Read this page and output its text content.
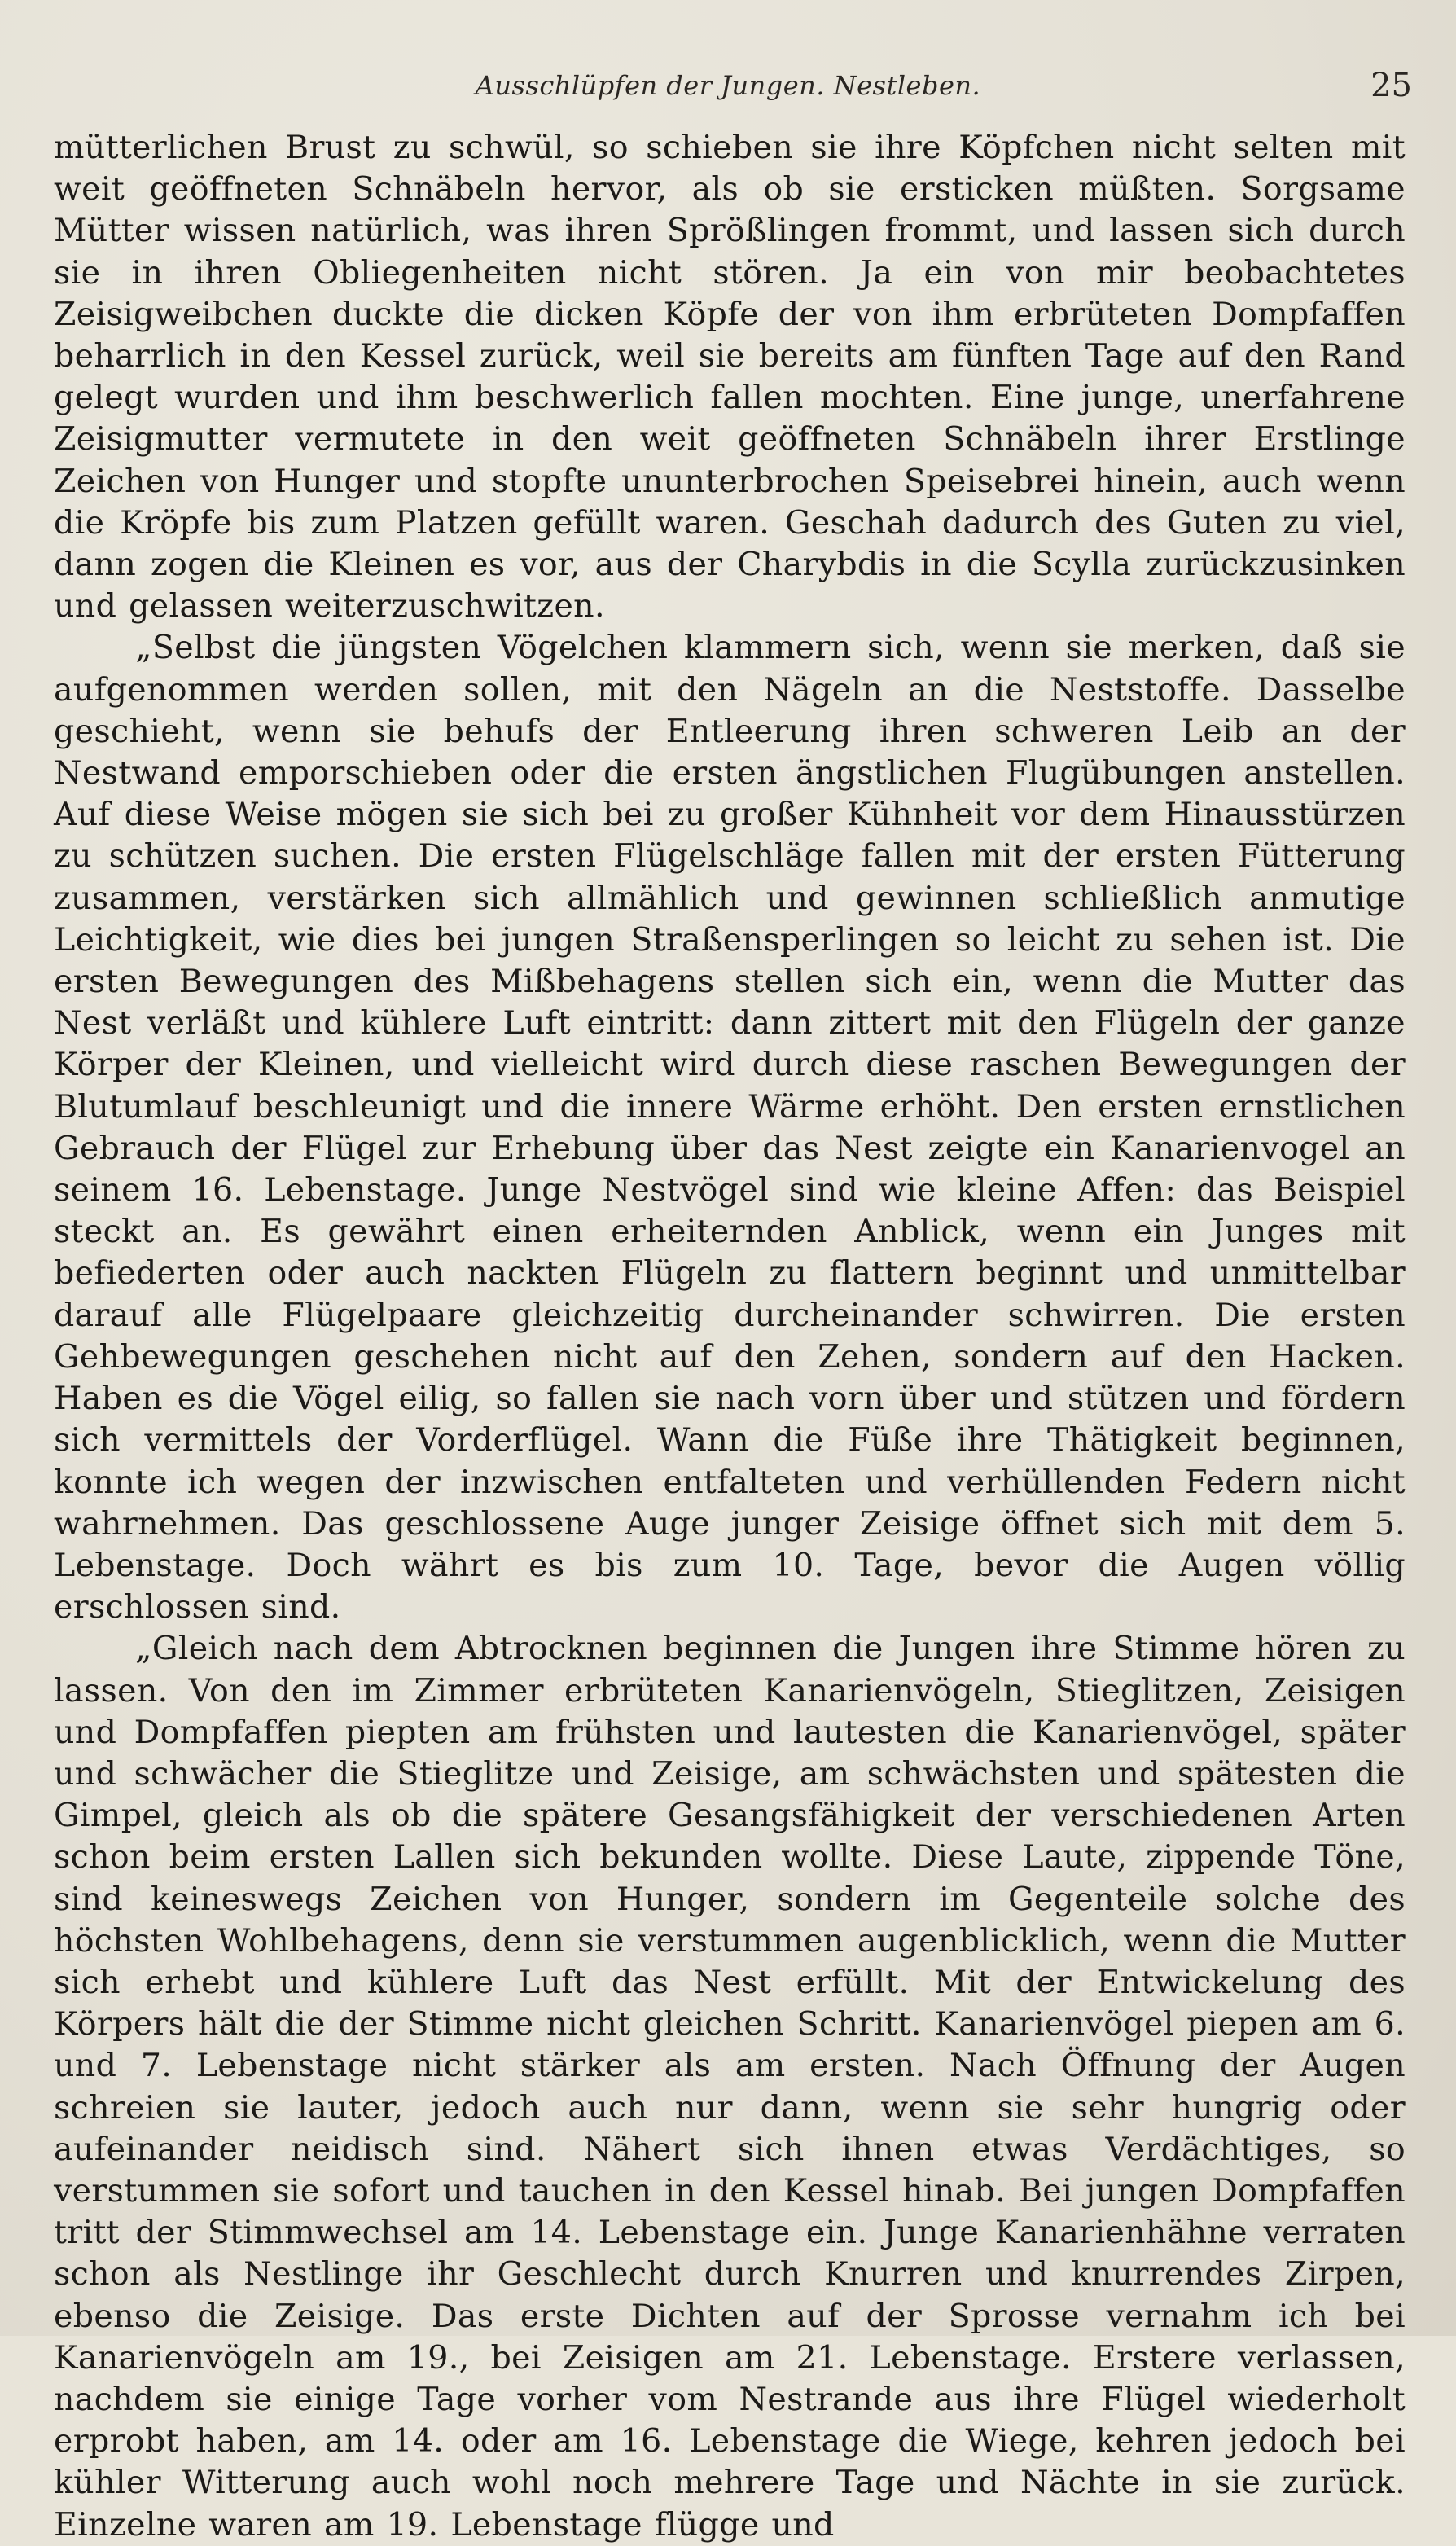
Ausschlüpfen der Jungen. Nestleben.	25

mütterlichen Brust zu schwül, so schieben sie ihre Köpfchen nicht selten mit weit geöffneten Schnäbeln hervor, als ob sie ersticken müßten. Sorgsame Mütter wissen natürlich, was ihren Sprößlingen frommt, und lassen sich durch sie in ihren Obliegenheiten nicht stören. Ja ein von mir beobachtetes Zeisigweibchen duckte die dicken Köpfe der von ihm erbrüteten Dompfaffen beharrlich in den Kessel zurück, weil sie bereits am fünften Tage auf den Rand gelegt wurden und ihm beschwerlich fallen mochten. Eine junge, unerfahrene Zeisigmutter vermutete in den weit geöffneten Schnäbeln ihrer Erstlinge Zeichen von Hunger und stopfte ununterbrochen Speisebrei hinein, auch wenn die Kröpfe bis zum Platzen gefüllt waren. Geschah dadurch des Guten zu viel, dann zogen die Kleinen es vor, aus der Charybdis in die Scylla zurückzusinken und gelassen weiterzuschwitzen.

„Selbst die jüngsten Vögelchen klammern sich, wenn sie merken, daß sie aufgenommen werden sollen, mit den Nägeln an die Neststoffe. Dasselbe geschieht, wenn sie behufs der Entleerung ihren schweren Leib an der Nestwand emporschieben oder die ersten ängstlichen Flugübungen anstellen. Auf diese Weise mögen sie sich bei zu großer Kühnheit vor dem Hinausstürzen zu schützen suchen. Die ersten Flügelschläge fallen mit der ersten Fütterung zusammen, verstärken sich allmählich und gewinnen schließlich anmutige Leichtigkeit, wie dies bei jungen Straßensperlingen so leicht zu sehen ist. Die ersten Bewegungen des Mißbehagens stellen sich ein, wenn die Mutter das Nest verläßt und kühlere Luft eintritt: dann zittert mit den Flügeln der ganze Körper der Kleinen, und vielleicht wird durch diese raschen Bewegungen der Blutumlauf beschleunigt und die innere Wärme erhöht. Den ersten ernstlichen Gebrauch der Flügel zur Erhebung über das Nest zeigte ein Kanarienvogel an seinem 16. Lebenstage. Junge Nestvögel sind wie kleine Affen: das Beispiel steckt an. Es gewährt einen erheiternden Anblick, wenn ein Junges mit befiederten oder auch nackten Flügeln zu flattern beginnt und unmittelbar darauf alle Flügelpaare gleichzeitig durcheinander schwirren. Die ersten Gehbewegungen geschehen nicht auf den Zehen, sondern auf den Hacken. Haben es die Vögel eilig, so fallen sie nach vorn über und stützen und fördern sich vermittels der Vorderflügel. Wann die Füße ihre Thätigkeit beginnen, konnte ich wegen der inzwischen entfalteten und verhüllenden Federn nicht wahrnehmen. Das geschlossene Auge junger Zeisige öffnet sich mit dem 5. Lebenstage. Doch währt es bis zum 10. Tage, bevor die Augen völlig erschlossen sind.

„Gleich nach dem Abtrocknen beginnen die Jungen ihre Stimme hören zu lassen. Von den im Zimmer erbrüteten Kanarienvögeln, Stieglitzen, Zeisigen und Dompfaffen piepten am frühsten und lautesten die Kanarienvögel, später und schwächer die Stieglitze und Zeisige, am schwächsten und spätesten die Gimpel, gleich als ob die spätere Gesangsfähigkeit der verschiedenen Arten schon beim ersten Lallen sich bekunden wollte. Diese Laute, zippende Töne, sind keineswegs Zeichen von Hunger, sondern im Gegenteile solche des höchsten Wohlbehagens, denn sie verstummen augenblicklich, wenn die Mutter sich erhebt und kühlere Luft das Nest erfüllt. Mit der Entwickelung des Körpers hält die der Stimme nicht gleichen Schritt. Kanarienvögel piepen am 6. und 7. Lebenstage nicht stärker als am ersten. Nach Öffnung der Augen schreien sie lauter, jedoch auch nur dann, wenn sie sehr hungrig oder aufeinander neidisch sind. Nähert sich ihnen etwas Verdächtiges, so verstummen sie sofort und tauchen in den Kessel hinab. Bei jungen Dompfaffen tritt der Stimmwechsel am 14. Lebenstage ein. Junge Kanarienhähne verraten schon als Nestlinge ihr Geschlecht durch Knurren und knurrendes Zirpen, ebenso die Zeisige. Das erste Dichten auf der Sprosse vernahm ich bei Kanarienvögeln am 19., bei Zeisigen am 21. Lebenstage. Erstere verlassen, nachdem sie einige Tage vorher vom Nestrande aus ihre Flügel wiederholt erprobt haben, am 14. oder am 16. Lebenstage die Wiege, kehren jedoch bei kühler Witterung auch wohl noch mehrere Tage und Nächte in sie zurück. Einzelne waren am 19. Lebenstage flügge und
